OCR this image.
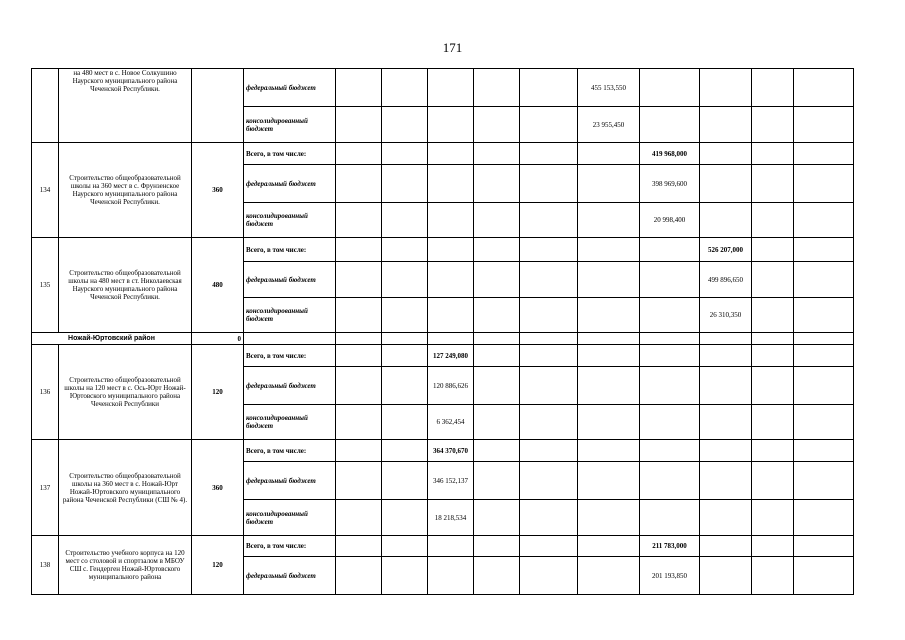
171
	на 480 мест в с. Новое Солкушино Наурского муниципального района Чеченской Республики.		федеральный бюджет						455 153,550				
			консолидированный бюджет						23 955,450				
134	Строительство общеобразовательной школы на 360 мест в с. Фрунзенское Наурского муниципального района Чеченской Республики.	360	Всего, в том числе:							419 968,000			
			федеральный бюджет							398 969,600			
			консолидированный бюджет							20 998,400			
135	Строительство общеобразовательной школы на 480 мест в ст. Николаевская Наурского муниципального района Чеченской Республики.	480	Всего, в том числе:								526 207,000		
			федеральный бюджет								499 896,650		
			консолидированный бюджет								26 310,350		
Ножай-Юртовский район		0											
136	Строительство общеобразовательной школы на 120 мест в с. Ось-Юрт Ножай-Юртовского муниципального района Чеченской Республики	120	Всего, в том числе:			127 249,080							
			федеральный бюджет			120 886,626							
			консолидированный бюджет			6 362,454							
137	Строительство общеобразовательной школы на 360 мест в с. Ножай-Юрт Ножай-Юртовского муниципального района Чеченской Республики (СШ № 4).	360	Всего, в том числе:			364 370,670							
			федеральный бюджет			346 152,137							
			консолидированный бюджет			18 218,534							
138	Строительство учебного корпуса на 120 мест со столовой и спортзалом в МБОУ СШ с. Гендерген Ножай-Юртовского муниципального района	120	Всего, в том числе:							211 783,000			
			федеральный бюджет							201 193,850			
